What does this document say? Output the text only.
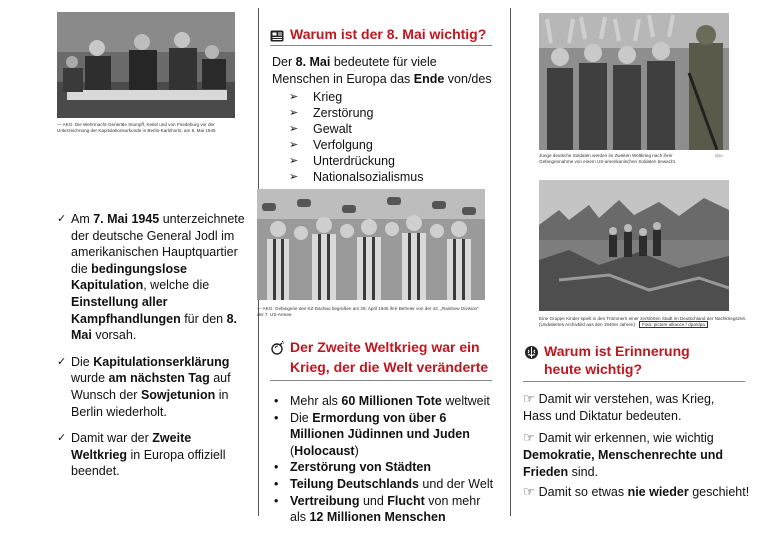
— AKG: Die Wehrmacht-Generäle Stumpff, Keitel und von Friedeburg vor der Unterzeichnung der Kapitulationsurkunde in Berlin-Karlshorst, am 8. Mai 1945
✓ Am 7. Mai 1945 unterzeichnete der deutsche General Jodl im amerikanischen Hauptquartier die bedingungslose Kapitulation, welche die Einstellung aller Kampfhandlungen für den 8. Mai vorsah.
✓ Die Kapitulationserklärung wurde am nächsten Tag auf Wunsch der Sowjetunion in Berlin wiederholt.
✓ Damit war der Zweite Weltkrieg in Europa offiziell beendet.
Warum ist der 8. Mai wichtig?
Der 8. Mai bedeutete für viele Menschen in Europa das Ende von/des
➢ Krieg
➢ Zerstörung
➢ Gewalt
➢ Verfolgung
➢ Unterdrückung
➢ Nationalsozialismus
— AKG: Gefangene des KZ Dachau begrüßen am 29. April 1945 ihre Befreier von der 42. „Rainbow Division" der 7. US-Armee.
Der Zweite Weltkrieg war ein Krieg, der die Welt veränderte
• Mehr als 60 Millionen Tote weltweit
• Die Ermordung von über 6 Millionen Jüdinnen und Juden (Holocaust)
• Zerstörung von Städten
• Teilung Deutschlands und der Welt
• Vertreibung und Flucht von mehr als 12 Millionen Menschen
Junge deutsche Soldaten werden im Zweiten Weltkrieg nach ihrer Gefangennahme von einem US-amerikanischen Soldaten bewacht.
dpa
Eine Gruppe Kinder spielt in den Trümmern einer zerstörten Stadt im Deutschland der Nachkriegszeit. (Undatiertes Archivbild aus den 1940er Jahren) Foto: picture alliance / dpa/dpa
Warum ist Erinnerung heute wichtig?
☞ Damit wir verstehen, was Krieg, Hass und Diktatur bedeuten.
☞ Damit wir erkennen, wie wichtig Demokratie, Menschenrechte und Frieden sind.
☞ Damit so etwas nie wieder geschieht!
